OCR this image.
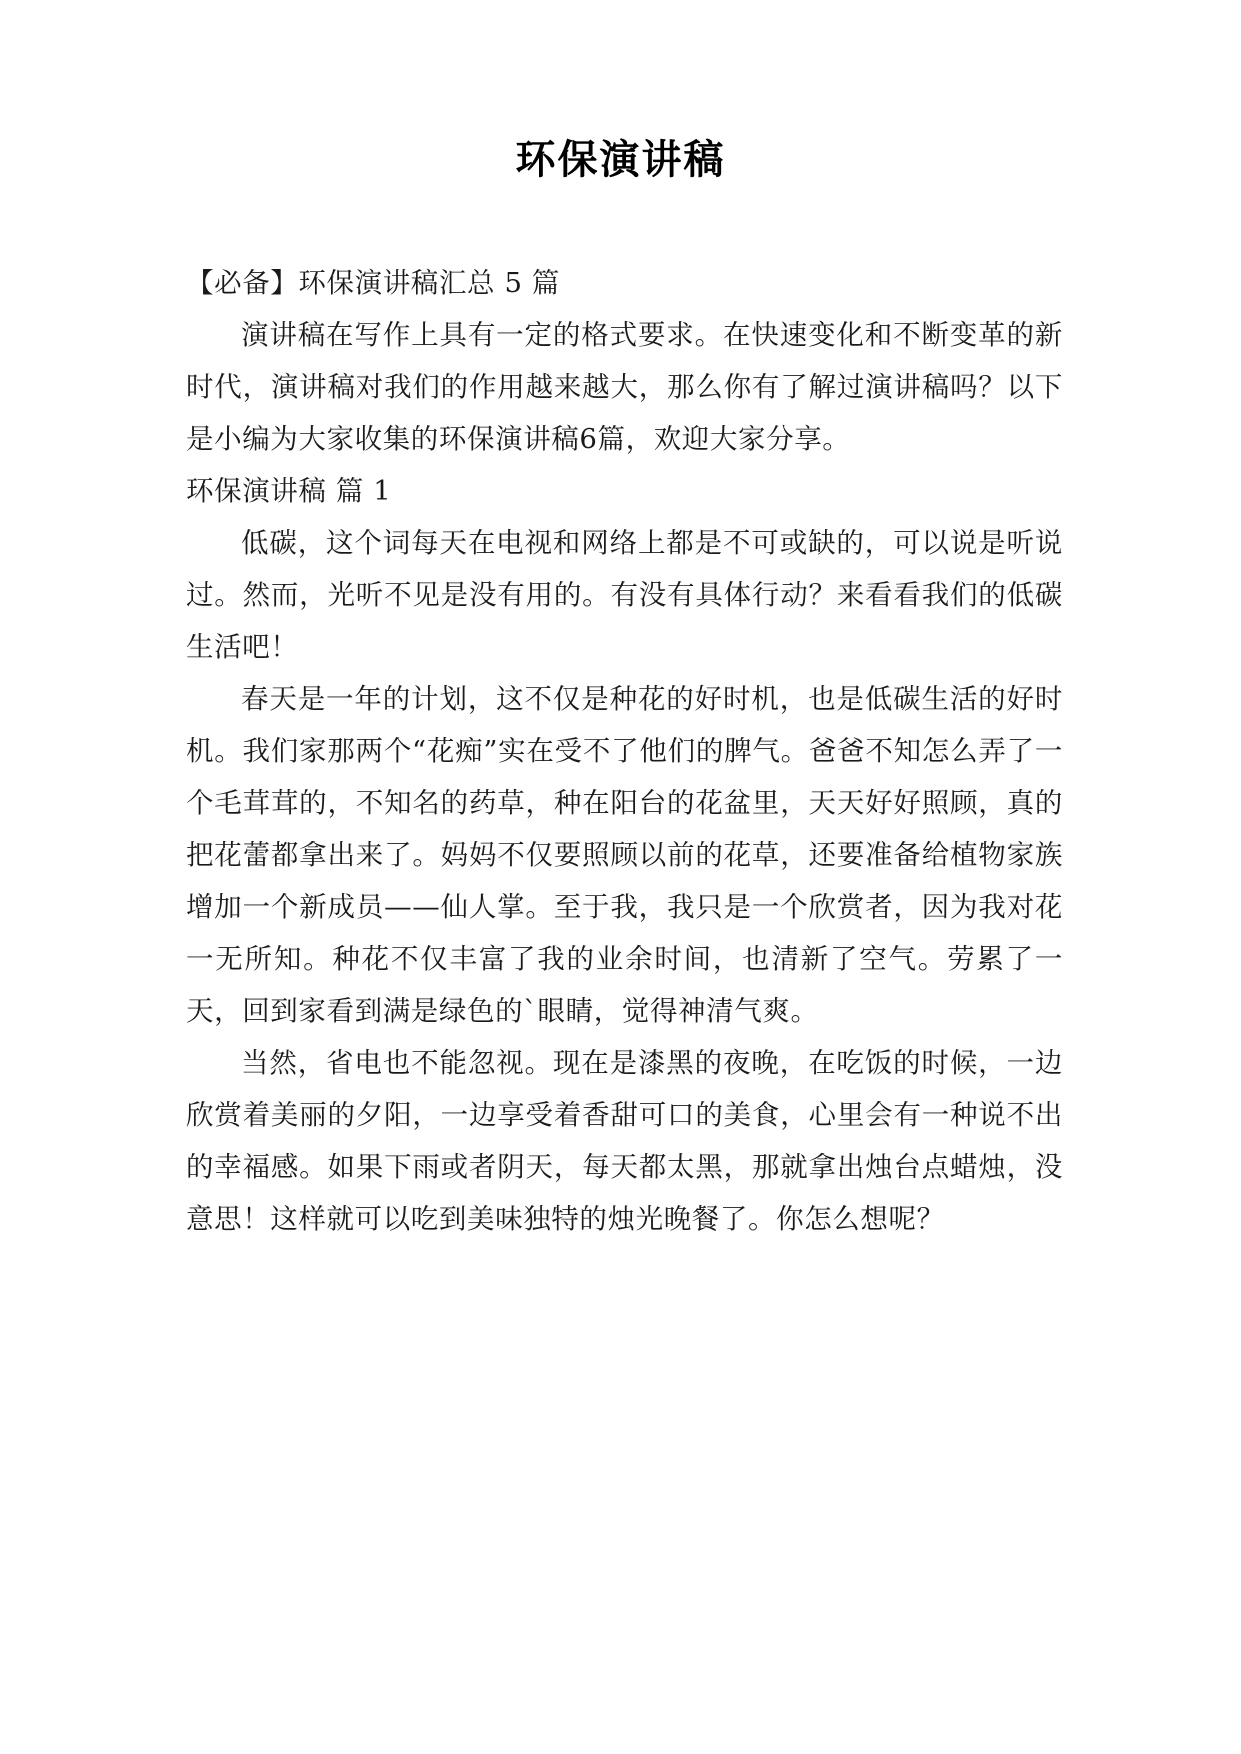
环保演讲稿

【必备】环保演讲稿汇总 5 篇

演讲稿在写作上具有一定的格式要求。在快速变化和不断变革的新时代，演讲稿对我们的作用越来越大，那么你有了解过演讲稿吗？以下是小编为大家收集的环保演讲稿6篇，欢迎大家分享。

环保演讲稿 篇 1

低碳，这个词每天在电视和网络上都是不可或缺的，可以说是听说过。然而，光听不见是没有用的。有没有具体行动？来看看我们的低碳生活吧！

春天是一年的计划，这不仅是种花的好时机，也是低碳生活的好时机。我们家那两个“花痴”实在受不了他们的脾气。爸爸不知怎么弄了一个毛茸茸的，不知名的药草，种在阳台的花盆里，天天好好照顾，真的把花蕾都拿出来了。妈妈不仅要照顾以前的花草，还要准备给植物家族增加一个新成员——仙人掌。至于我，我只是一个欣赏者，因为我对花一无所知。种花不仅丰富了我的业余时间，也清新了空气。劳累了一天，回到家看到满是绿色的`眼睛，觉得神清气爽。

当然，省电也不能忽视。现在是漆黑的夜晚，在吃饭的时候，一边欣赏着美丽的夕阳，一边享受着香甜可口的美食，心里会有一种说不出的幸福感。如果下雨或者阴天，每天都太黑，那就拿出烛台点蜡烛，没意思！这样就可以吃到美味独特的烛光晚餐了。你怎么想呢？
